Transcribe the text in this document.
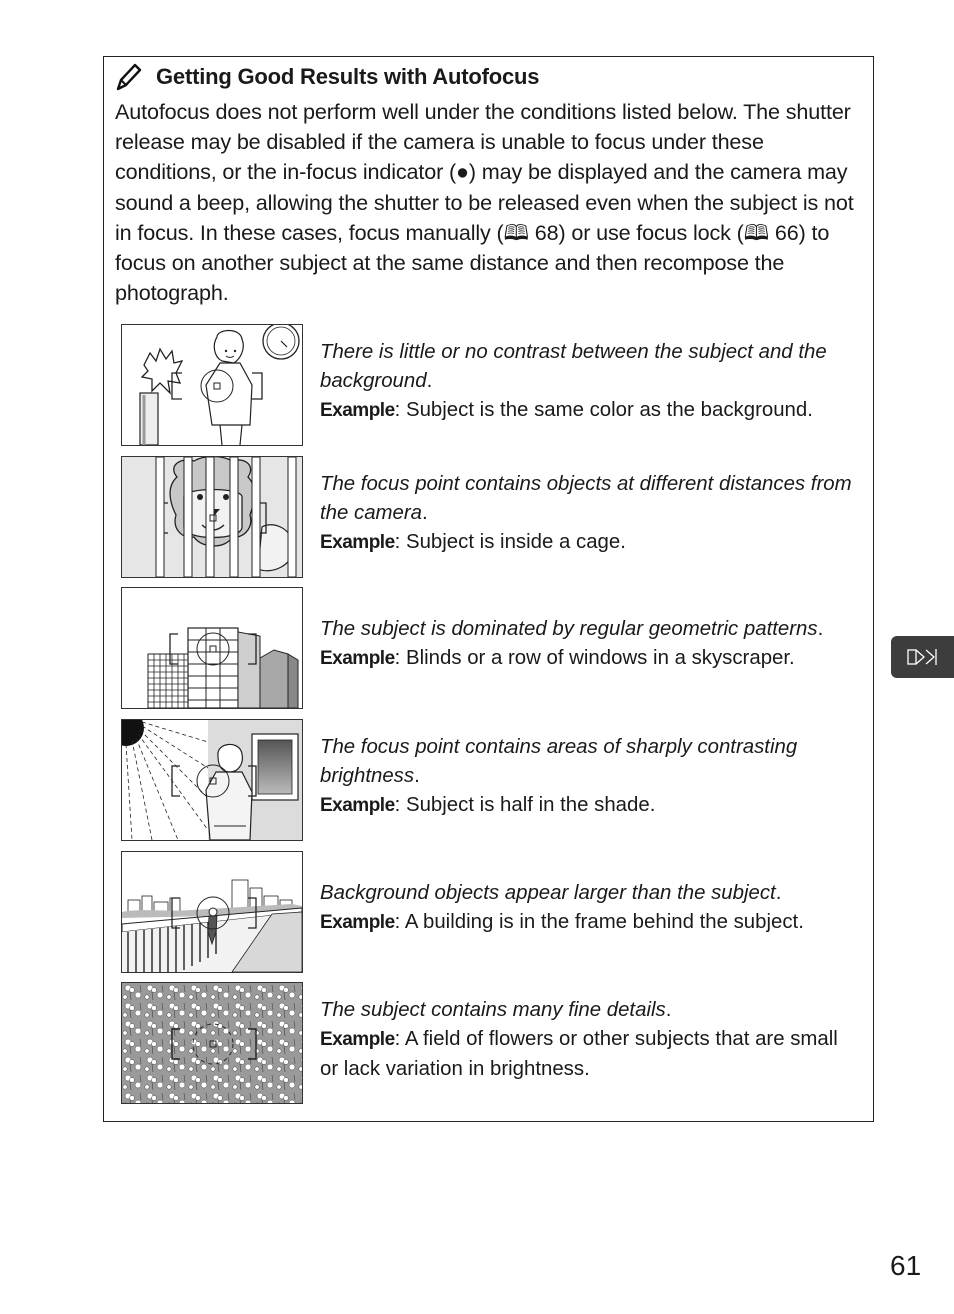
Getting Good Results with Autofocus

Autofocus does not perform well under the conditions listed below. The shutter release may be disabled if the camera is unable to focus under these conditions, or the in-focus indicator (●) may be displayed and the camera may sound a beep, allowing the shutter to be released even when the subject is not in focus. In these cases, focus manually (🕮 68) or use focus lock (🕮 66) to focus on another subject at the same distance and then recompose the photograph.

There is little or no contrast between the subject and the background.
Example: Subject is the same color as the background.
The focus point contains objects at different distances from the camera.
Example: Subject is inside a cage.
The subject is dominated by regular geometric patterns.
Example: Blinds or a row of windows in a skyscraper.
The focus point contains areas of sharply contrasting brightness.
Example: Subject is half in the shade.
Background objects appear larger than the subject.
Example: A building is in the frame behind the subject.
The subject contains many fine details.
Example: A field of flowers or other subjects that are small or lack variation in brightness.
61
